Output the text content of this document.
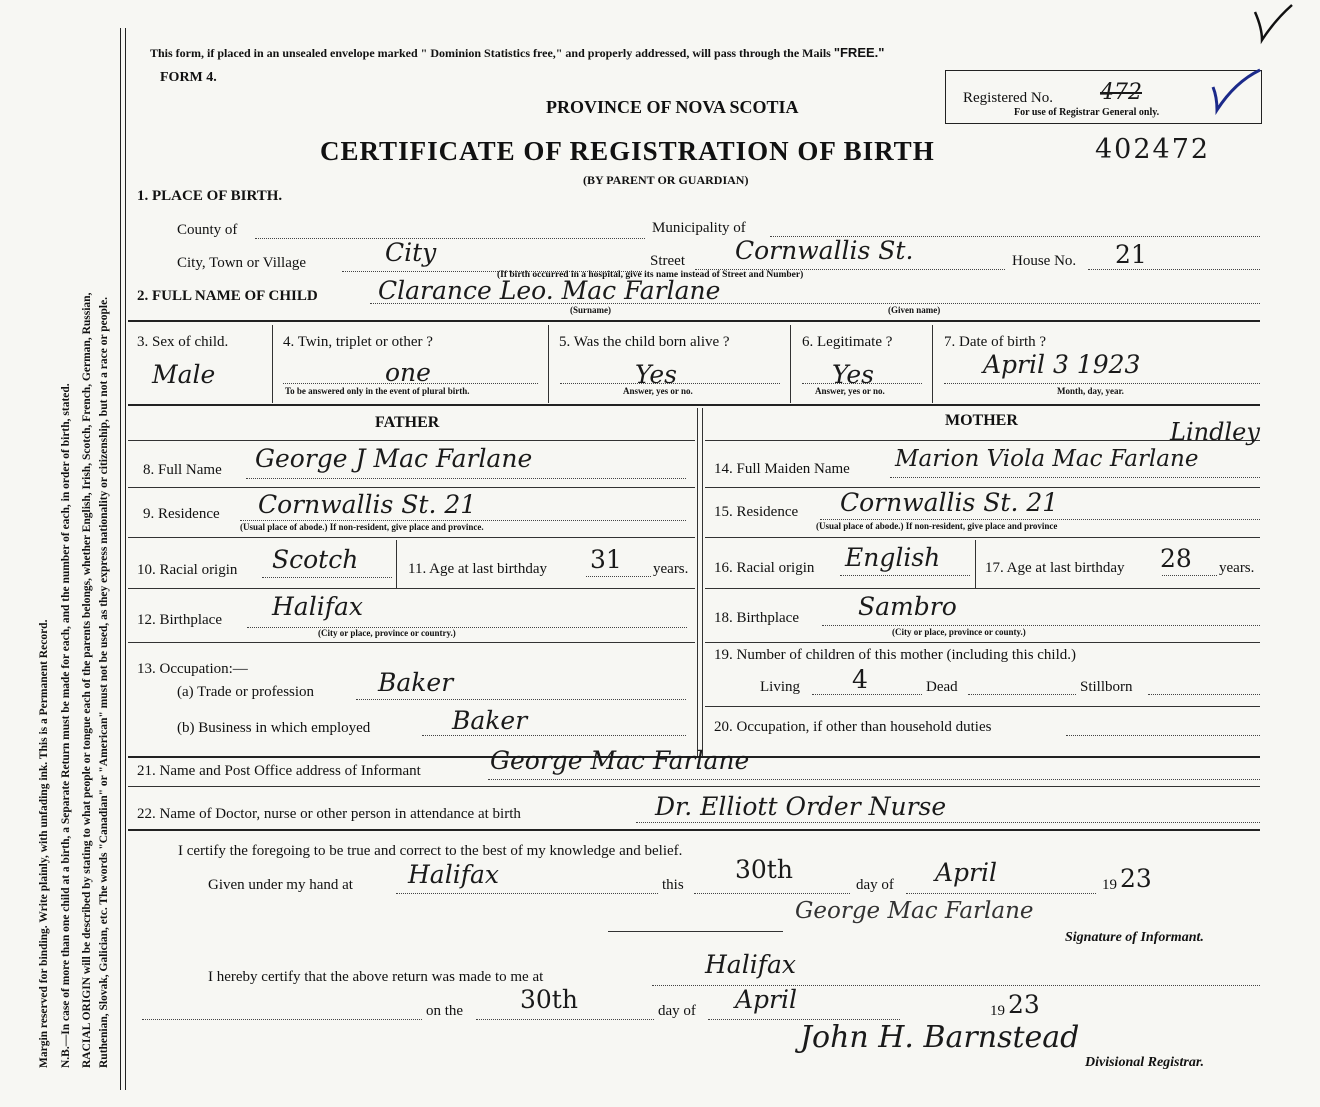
Margin reserved for binding. Write plainly, with unfading ink. This is a Permanent Record. N.B.—In case of more than one child at a birth, a Separate Return must be made for each, and the number of each, in order of birth, stated. RACIAL ORIGIN will be described by stating to what people or tongue each of the parents belongs, whether English, Irish, Scotch, French, German, Russian, Ruthenian, Slovak, Galician, etc. The words "Canadian" or "American" must not be used, as they express nationality or citizenship, but not a race or people.
This form, if placed in an unsealed envelope marked " Dominion Statistics free," and properly addressed, will pass through the Mails "FREE."
FORM 4.
PROVINCE OF NOVA SCOTIA	Registered No. 472
For use of Registrar General only.
CERTIFICATE OF REGISTRATION OF BIRTH	402472
(BY PARENT OR GUARDIAN)
1. PLACE OF BIRTH.
County of	Municipality of
City, Town or Village	City	Street Cornwallis St.	House No. 21
(If birth occurred in a hospital, give its name instead of Street and Number)
2. FULL NAME OF CHILD Clarance Leo. Mac Farlane
(Surname)	(Given name)
3. Sex of child.
Male
4. Twin, triplet or other ?
one
To be answered only in the event of plural birth.
5. Was the child born alive ?
Yes
Answer, yes or no.
6. Legitimate ?
Yes
Answer, yes or no.
7. Date of birth ?
April 3 1923
Month, day, year.
FATHER	MOTHER
8. Full Name George J Mac Farlane
9. Residence Cornwallis St. 21
(Usual place of abode.) If non-resident, give place and province.
10. Racial origin Scotch	11. Age at last birthday 31 years.
12. Birthplace Halifax
(City or place, province or country.)
13. Occupation:—
(a) Trade or profession	Baker
(b) Business in which employed	Baker
14. Full Maiden Name Marion Viola Mac Farlane
Lindley
15. Residence Cornwallis St. 21
(Usual place of abode.) If non-resident, give place and province
16. Racial origin English	17. Age at last birthday 28 years.
18. Birthplace Sambro
(City or place, province or county.)
19. Number of children of this mother (including this child.)
Living 4	Dead	Stillborn
20. Occupation, if other than household duties
21. Name and Post Office address of Informant	George Mac Farlane
22. Name of Doctor, nurse or other person in attendance at birth	Dr. Elliott Order Nurse
I certify the foregoing to be true and correct to the best of my knowledge and belief.
Given under my hand at Halifax	this
30th
day of April	19 23
George Mac Farlane
Signature of Informant.
I hereby certify that the above return was made to me at	Halifax
on the 30th	day of April	19 23
John H. Barnstead
Divisional Registrar.
